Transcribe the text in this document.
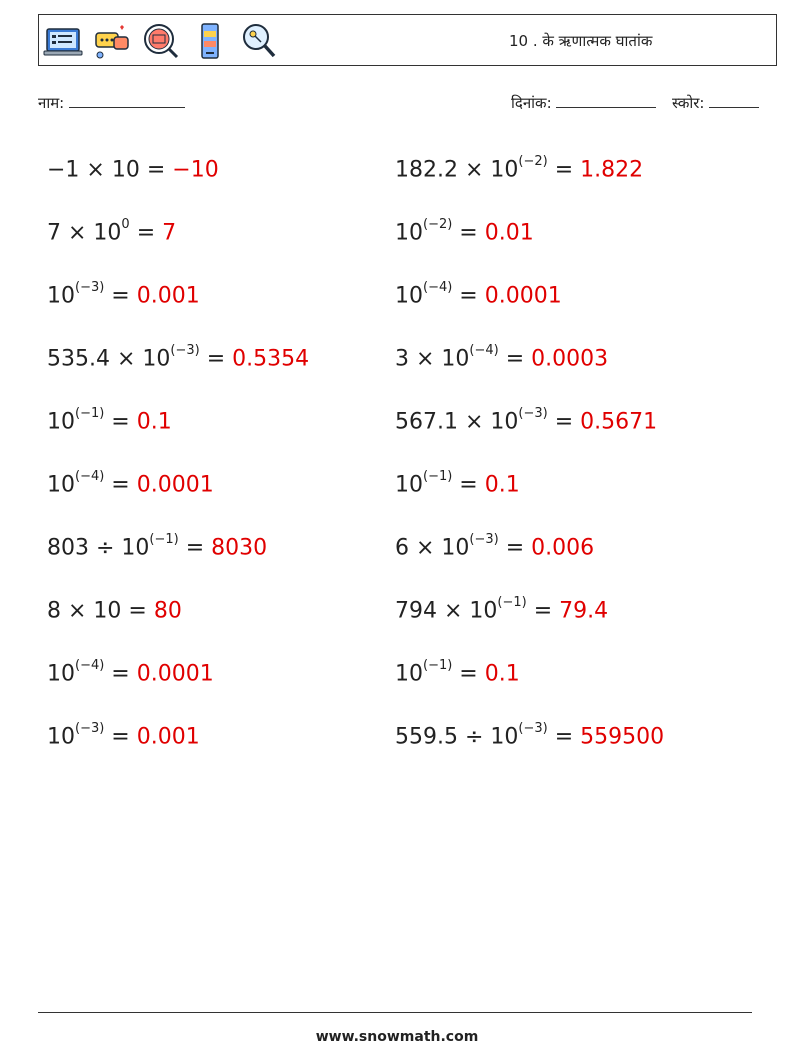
10 . के ऋणात्मक घातांक
नाम:	दिनांक:	स्कोर:
−1 × 10 = −10	$182.2 \times 10^{(-2)} = 1.822$
$7 \times 10^0 = 7$	$10^{(-2)} = 0.01$
$10^{(-3)} = 0.001$	$10^{(-4)} = 0.0001$
$535.4 \times 10^{(-3)} = 0.5354$	$3 \times 10^{(-4)} = 0.0003$
$10^{(-1)} = 0.1$	$567.1 \times 10^{(-3)} = 0.5671$
$10^{(-4)} = 0.0001$	$10^{(-1)} = 0.1$
$803 \div 10^{(-1)} = 8030$	$6 \times 10^{(-3)} = 0.006$
8 × 10 = 80	$794 \times 10^{(-1)} = 79.4$
$10^{(-4)} = 0.0001$	$10^{(-1)} = 0.1$
$10^{(-3)} = 0.001$	$559.5 \div 10^{(-3)} = 559500$
www.snowmath.com
